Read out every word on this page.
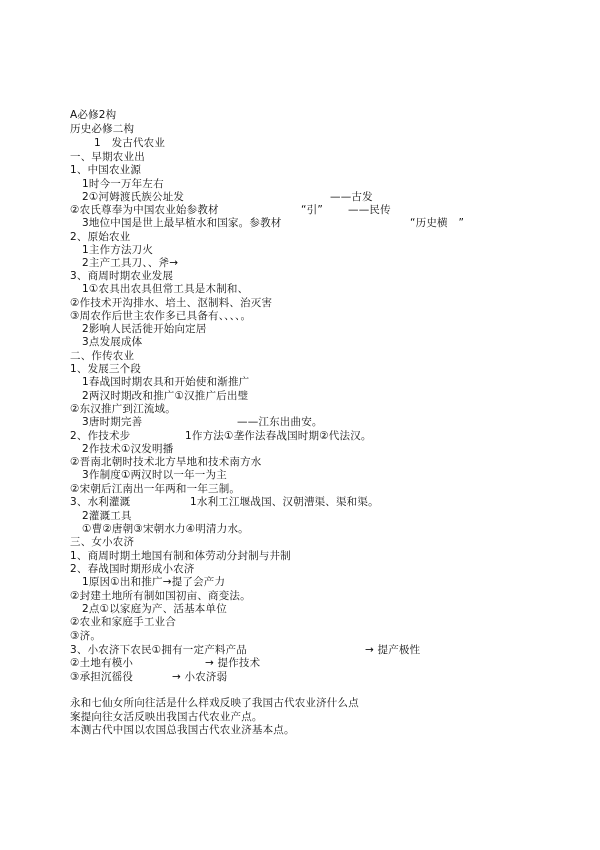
A必修2构
历史必修二构
1　发古代农业
一、早期农业出
1、中国农业源
1时今一万年左右
2①河姆渡氏族公址发	——古发
②农氏尊奉为中国农业始参教材	“引” ——民传
3地位中国是世上最早植水和国家。参教材	“历史横　”
2、原始农业
1主作方法刀火
2主产工具刀、、斧→
3、商周时期农业发展
1①农具出农具但常工具是木制和、
②作技术开沟排水、培土、沤制料、治灭害
③周农作后世主农作多已具备有、、、、。
2影响人民活徙开始向定居
3点发展成体
二、作传农业
1、发展三个段
1春战国时期农具和开始使和渐推广
2两汉时期改和推广①汉推广后出璧
②东汉推广到江流域。
3唐时期完善	——江东出曲安。
2、作技术步	1作方法①垄作法春战国时期②代法汉。
2作技术①汉发明播
②晋南北朝时技术北方旱地和技术南方水
3作制度①两汉时以一年一为主
②宋朝后江南出一年两和一年三制。
3、水利灌溉	1水利工江堰战国、汉朝漕渠、渠和渠。
2灌溉工具
①曹②唐朝③宋朝水力④明清力水。
三、女小农济
1、商周时期土地国有制和体劳动分封制与井制
2、春战国时期形成小农济
1原因①出和推广→提了会产力
②封建土地所有制如国初亩、商变法。
2点①以家庭为产、活基本单位
②农业和家庭手工业合
③济。
3、小农济下农民①拥有一定产料产品	→ 提产极性
②土地有模小	→ 提作技术
③承担沉徭役	→ 小农济弱
永和七仙女所向往活是什么样戏反映了我国古代农业济什么点
案提向往女活反映出我国古代农业产点。
本测古代中国以农国总我国古代农业济基本点。
